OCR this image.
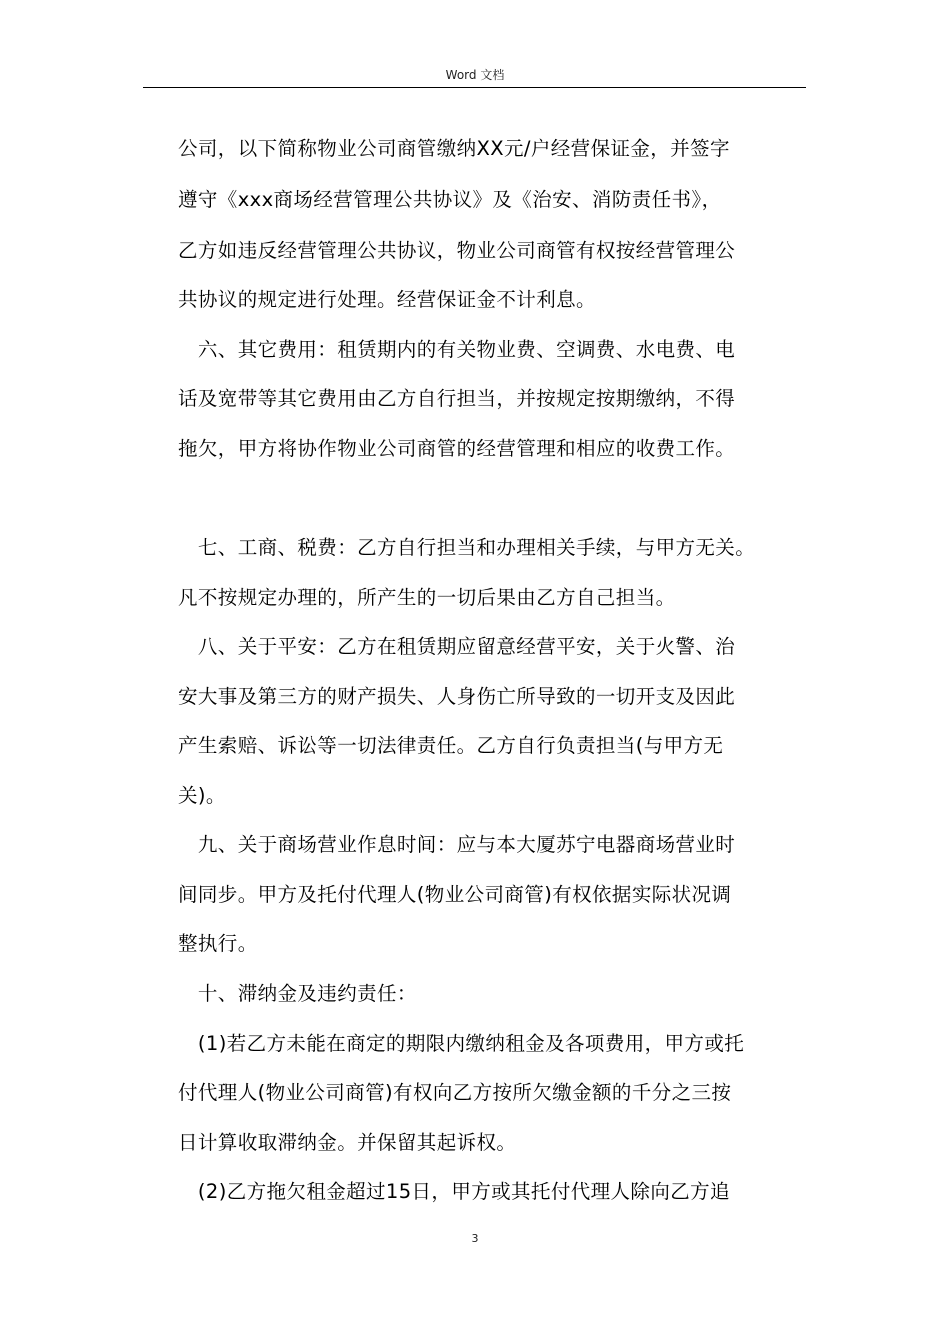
Word 文档
公司，以下简称物业公司商管缴纳XX元/户经营保证金，并签字
遵守《xxx商场经营管理公共协议》及《治安、消防责任书》，
乙方如违反经营管理公共协议，物业公司商管有权按经营管理公
共协议的规定进行处理。经营保证金不计利息。
　六、其它费用：租赁期内的有关物业费、空调费、水电费、电
话及宽带等其它费用由乙方自行担当，并按规定按期缴纳，不得
拖欠，甲方将协作物业公司商管的经营管理和相应的收费工作。
　七、工商、税费：乙方自行担当和办理相关手续，与甲方无关。
凡不按规定办理的，所产生的一切后果由乙方自己担当。
　八、关于平安：乙方在租赁期应留意经营平安，关于火警、治
安大事及第三方的财产损失、人身伤亡所导致的一切开支及因此
产生索赔、诉讼等一切法律责任。乙方自行负责担当(与甲方无
关)。
　九、关于商场营业作息时间：应与本大厦苏宁电器商场营业时
间同步。甲方及托付代理人(物业公司商管)有权依据实际状况调
整执行。
　十、滞纳金及违约责任：
　(1)若乙方未能在商定的期限内缴纳租金及各项费用，甲方或托
付代理人(物业公司商管)有权向乙方按所欠缴金额的千分之三按
日计算收取滞纳金。并保留其起诉权。
　(2)乙方拖欠租金超过15日，甲方或其托付代理人除向乙方追
3
